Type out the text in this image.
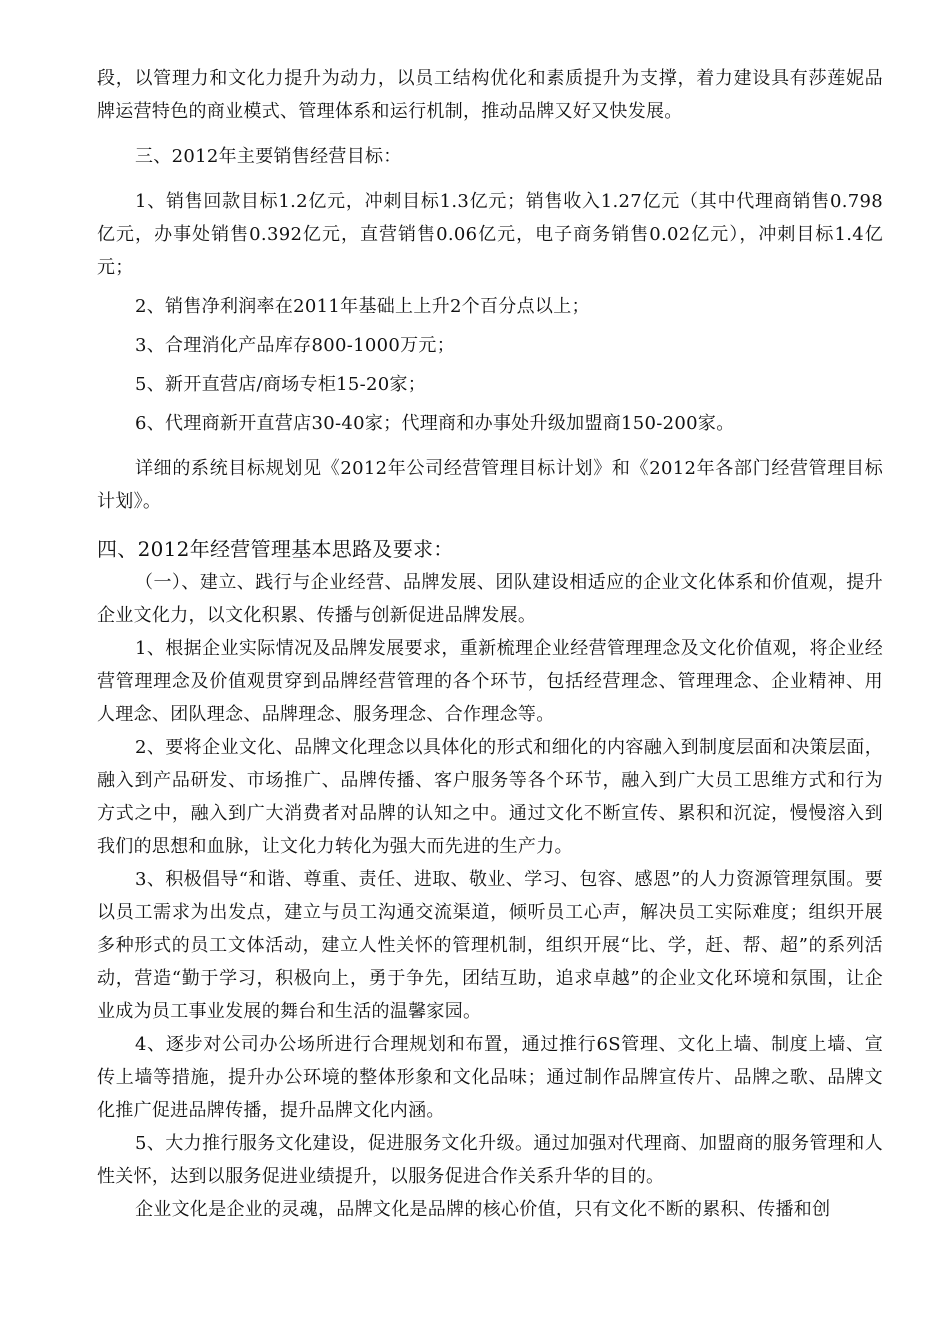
段，以管理力和文化力提升为动力，以员工结构优化和素质提升为支撑，着力建设具有莎莲妮品牌运营特色的商业模式、管理体系和运行机制，推动品牌又好又快发展。

三、2012年主要销售经营目标：

1、销售回款目标1.2亿元，冲刺目标1.3亿元；销售收入1.27亿元（其中代理商销售0.798亿元，办事处销售0.392亿元，直营销售0.06亿元，电子商务销售0.02亿元），冲刺目标1.4亿元；

2、销售净利润率在2011年基础上上升2个百分点以上；

3、合理消化产品库存800-1000万元；

5、新开直营店/商场专柜15-20家；

6、代理商新开直营店30-40家；代理商和办事处升级加盟商150-200家。

详细的系统目标规划见《2012年公司经营管理目标计划》和《2012年各部门经营管理目标计划》。

四、2012年经营管理基本思路及要求：

（一）、建立、践行与企业经营、品牌发展、团队建设相适应的企业文化体系和价值观，提升企业文化力，以文化积累、传播与创新促进品牌发展。

1、根据企业实际情况及品牌发展要求，重新梳理企业经营管理理念及文化价值观，将企业经营管理理念及价值观贯穿到品牌经营管理的各个环节，包括经营理念、管理理念、企业精神、用人理念、团队理念、品牌理念、服务理念、合作理念等。

2、要将企业文化、品牌文化理念以具体化的形式和细化的内容融入到制度层面和决策层面，融入到产品研发、市场推广、品牌传播、客户服务等各个环节，融入到广大员工思维方式和行为方式之中，融入到广大消费者对品牌的认知之中。通过文化不断宣传、累积和沉淀，慢慢溶入到我们的思想和血脉，让文化力转化为强大而先进的生产力。

3、积极倡导“和谐、尊重、责任、进取、敬业、学习、包容、感恩”的人力资源管理氛围。要以员工需求为出发点，建立与员工沟通交流渠道，倾听员工心声，解决员工实际难度；组织开展多种形式的员工文体活动，建立人性关怀的管理机制，组织开展“比、学，赶、帮、超”的系列活动，营造“勤于学习，积极向上，勇于争先，团结互助，追求卓越”的企业文化环境和氛围，让企业成为员工事业发展的舞台和生活的温馨家园。

4、逐步对公司办公场所进行合理规划和布置，通过推行6S管理、文化上墙、制度上墙、宣传上墙等措施，提升办公环境的整体形象和文化品味；通过制作品牌宣传片、品牌之歌、品牌文化推广促进品牌传播，提升品牌文化内涵。

5、大力推行服务文化建设，促进服务文化升级。通过加强对代理商、加盟商的服务管理和人性关怀，达到以服务促进业绩提升，以服务促进合作关系升华的目的。

企业文化是企业的灵魂，品牌文化是品牌的核心价值，只有文化不断的累积、传播和创
